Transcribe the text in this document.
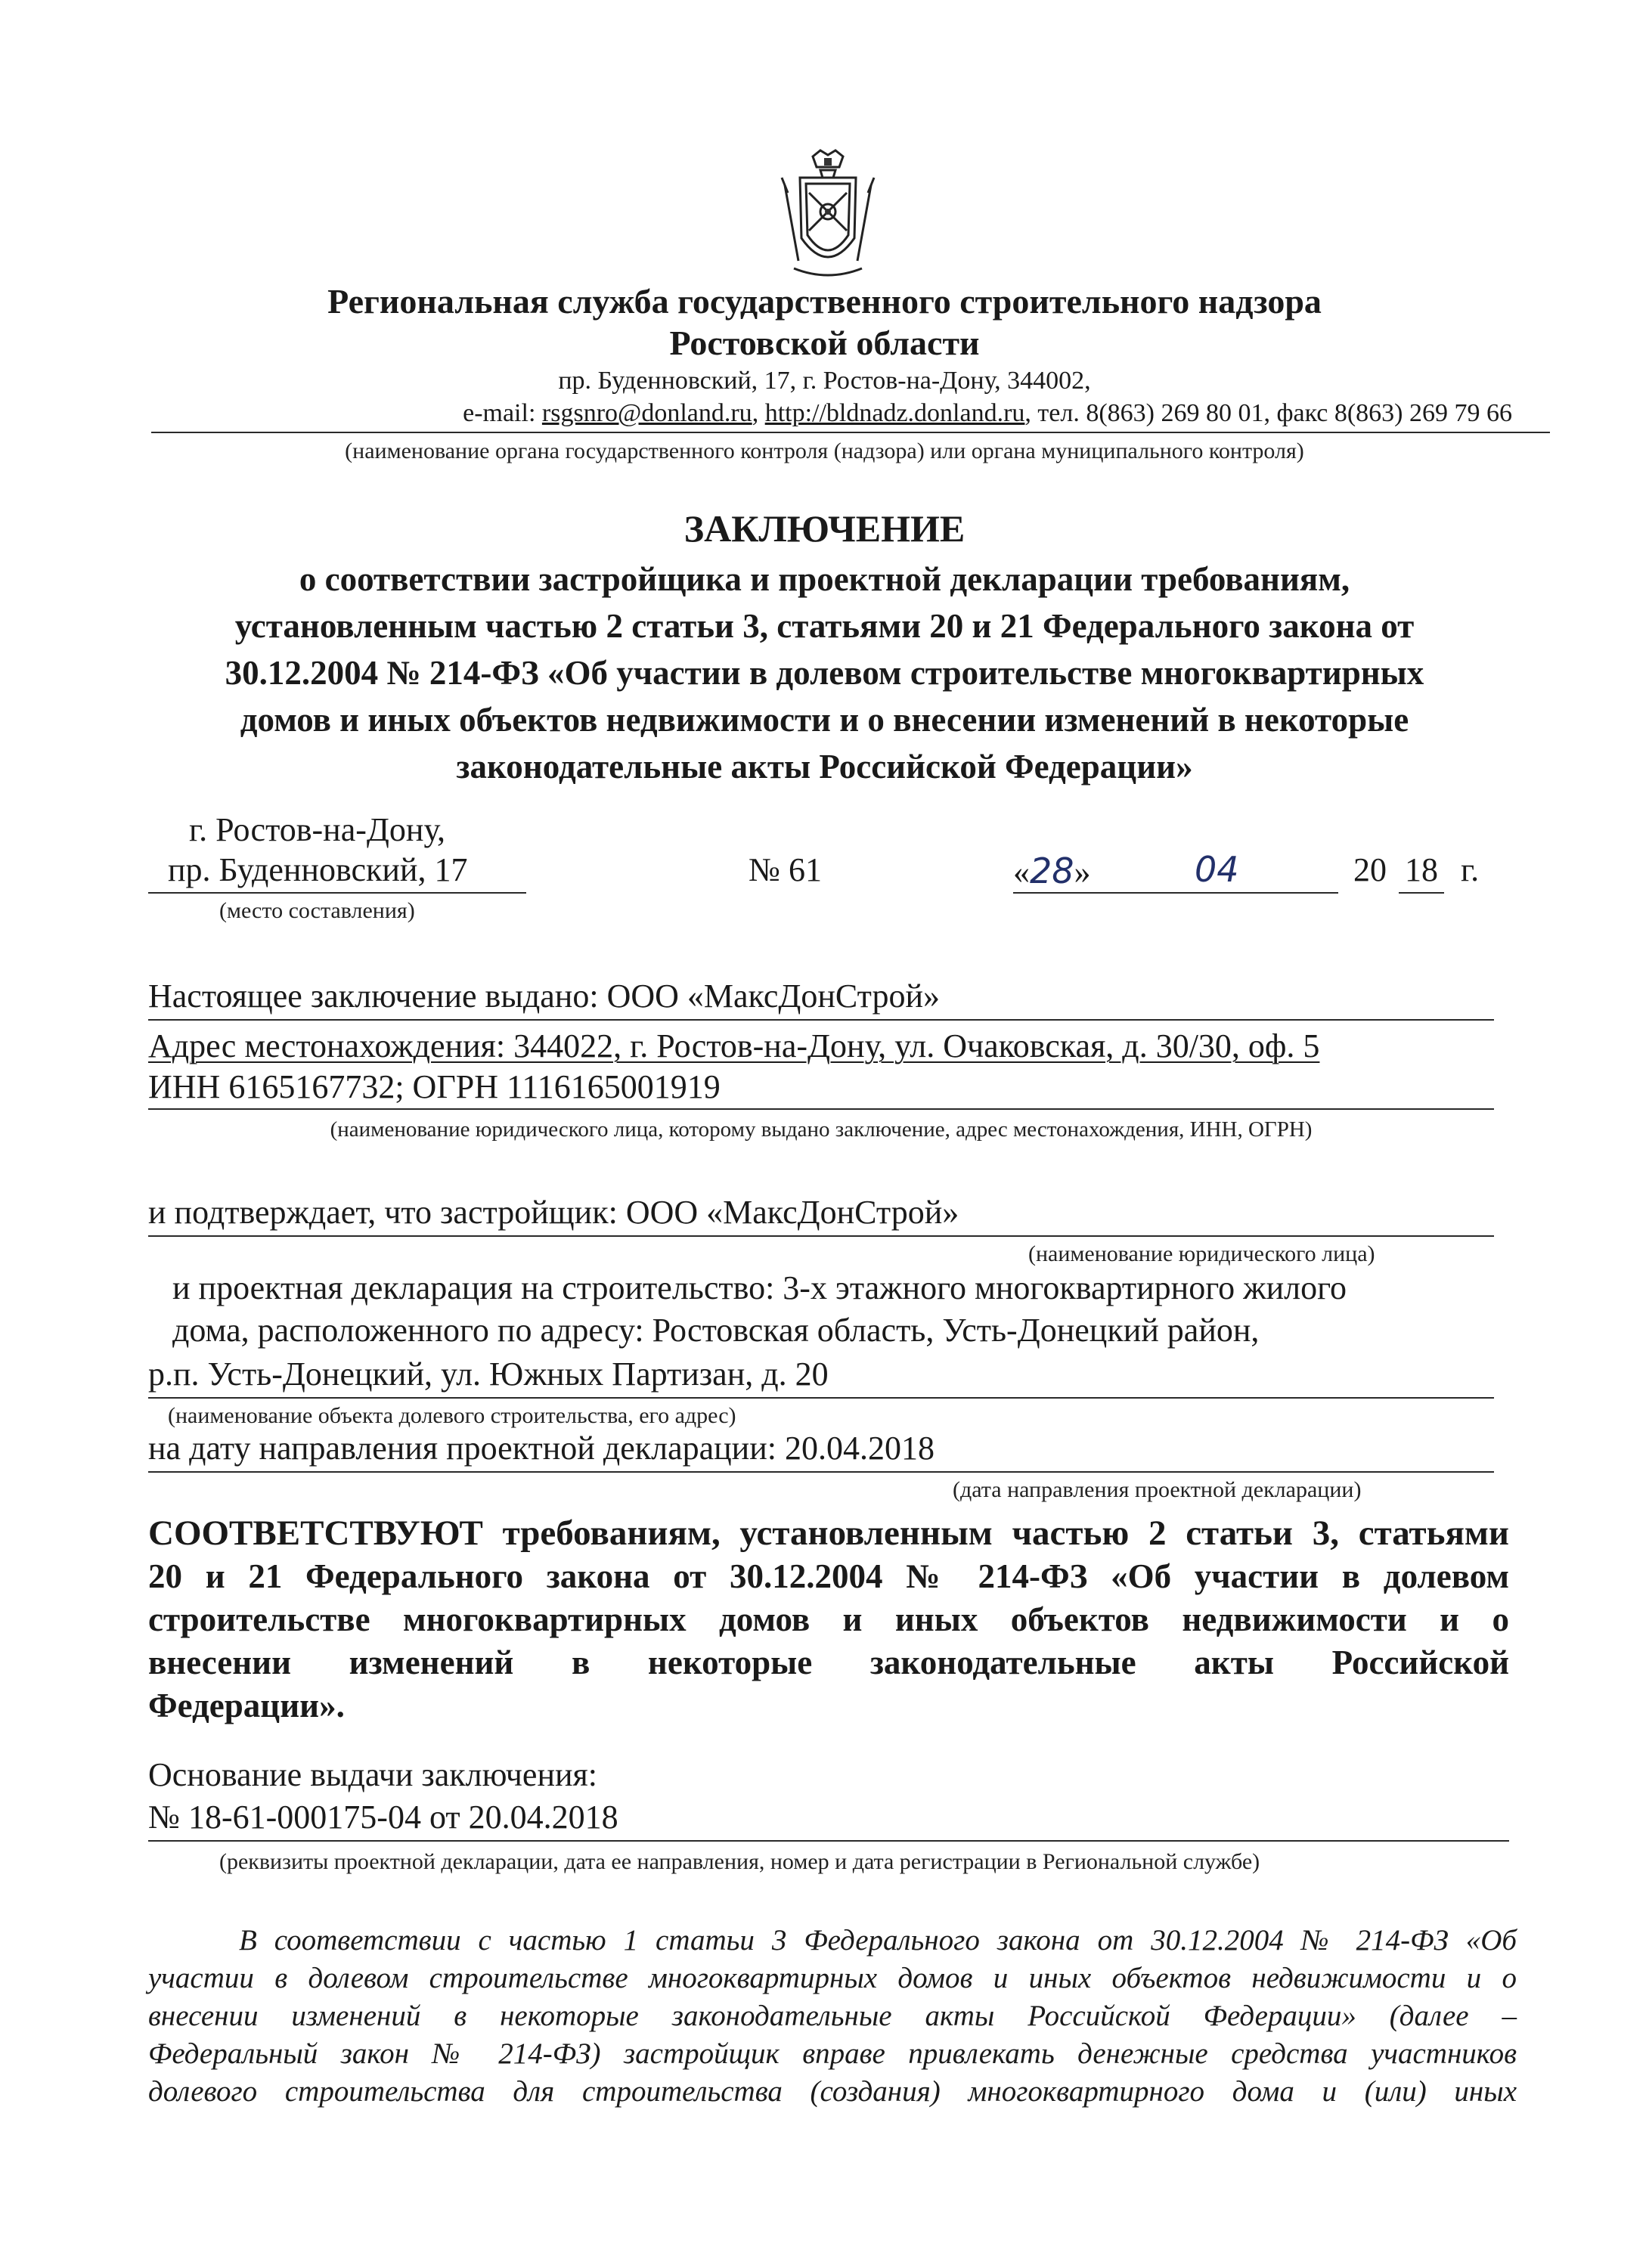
Региональная служба государственного строительного надзора
Ростовской области
пр. Буденновский, 17, г. Ростов-на-Дону, 344002,
e-mail: rsgsnro@donland.ru, http://bldnadz.donland.ru, тел. 8(863) 269 80 01, факс 8(863) 269 79 66
(наименование органа государственного контроля (надзора) или органа муниципального контроля)
ЗАКЛЮЧЕНИЕ
о соответствии застройщика и проектной декларации требованиям,
установленным частью 2 статьи 3, статьями 20 и 21 Федерального закона от
30.12.2004 № 214-ФЗ «Об участии в долевом строительстве многоквартирных
домов и иных объектов недвижимости и о внесении изменений в некоторые
законодательные акты Российской Федерации»
г. Ростов-на-Дону,
пр. Буденновский, 17
(место составления)
№ 61	«28»	04	20 18 г.
Настоящее заключение выдано: ООО «МаксДонСтрой»
Адрес местонахождения: 344022, г. Ростов-на-Дону, ул. Очаковская, д. 30/30, оф. 5
ИНН 6165167732; ОГРН 1116165001919
(наименование юридического лица, которому выдано заключение, адрес местонахождения, ИНН, ОГРН)
и подтверждает, что застройщик: ООО «МаксДонСтрой»
(наименование юридического лица)
и проектная декларация на строительство: 3-х этажного многоквартирного жилого
дома, расположенного по адресу: Ростовская область, Усть-Донецкий район,
р.п. Усть-Донецкий, ул. Южных Партизан, д. 20
(наименование объекта долевого строительства, его адрес)
на дату направления проектной декларации: 20.04.2018
(дата направления проектной декларации)
СООТВЕТСТВУЮТ требованиям, установленным частью 2 статьи 3, статьями
20 и 21 Федерального закона от 30.12.2004 № 214-ФЗ «Об участии в долевом
строительстве многоквартирных домов и иных объектов недвижимости и о
внесении изменений в некоторые законодательные акты Российской
Федерации».
Основание выдачи заключения:
№ 18-61-000175-04 от 20.04.2018
(реквизиты проектной декларации, дата ее направления, номер и дата регистрации в Региональной службе)
В соответствии с частью 1 статьи 3 Федерального закона от 30.12.2004 № 214-ФЗ «Об
участии в долевом строительстве многоквартирных домов и иных объектов недвижимости и о
внесении изменений в некоторые законодательные акты Российской Федерации» (далее –
Федеральный закон № 214-ФЗ) застройщик вправе привлекать денежные средства участников
долевого строительства для строительства (создания) многоквартирного дома и (или) иных
